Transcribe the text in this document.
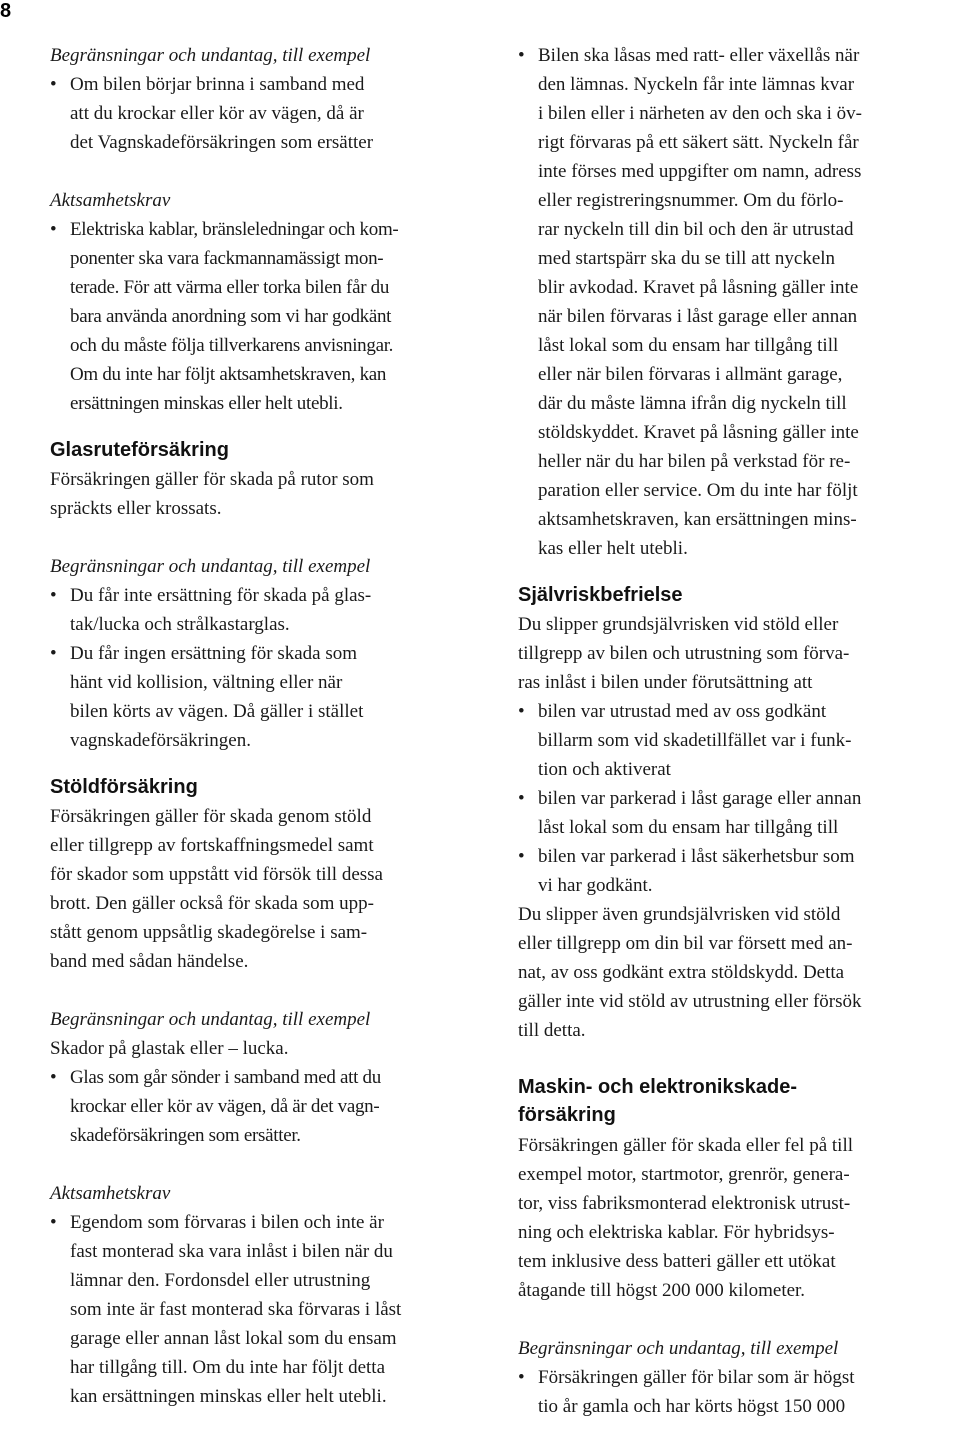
8

Begränsningar och undantag, till exempel

• Om bilen börjar brinna i samband med
att du krockar eller kör av vägen, då är
det Vagnskadeförsäkringen som ersätter

Aktsamhetskrav

• Elektriska kablar, bränsleledningar och kom-
ponenter ska vara fackmannamässigt mon-
terade. För att värma eller torka bilen får du
bara använda anordning som vi har godkänt
och du måste följa tillverkarens anvisningar.
Om du inte har följt aktsamhetskraven, kan
ersättningen minskas eller helt utebli.

Glasruteförsäkring

Försäkringen gäller för skada på rutor som
spräckts eller krossats.

Begränsningar och undantag, till exempel

• Du får inte ersättning för skada på glas-
tak/lucka och strålkastarglas.
• Du får ingen ersättning för skada som
hänt vid kollision, vältning eller när
bilen körts av vägen. Då gäller i stället
vagnskadeförsäkringen.

Stöldförsäkring

Försäkringen gäller för skada genom stöld
eller tillgrepp av fortskaffningsmedel samt
för skador som uppstått vid försök till dessa
brott. Den gäller också för skada som upp-
stått genom uppsåtlig skadegörelse i sam-
band med sådan händelse.

Begränsningar och undantag, till exempel

Skador på glastak eller – lucka.

• Glas som går sönder i samband med att du
krockar eller kör av vägen, då är det vagn-
skadeförsäkringen som ersätter.

Aktsamhetskrav

• Egendom som förvaras i bilen och inte är
fast monterad ska vara inlåst i bilen när du
lämnar den. Fordonsdel eller utrustning
som inte är fast monterad ska förvaras i låst
garage eller annan låst lokal som du ensam
har tillgång till. Om du inte har följt detta
kan ersättningen minskas eller helt utebli.
• Bilen ska låsas med ratt- eller växellås när
den lämnas. Nyckeln får inte lämnas kvar
i bilen eller i närheten av den och ska i öv-
rigt förvaras på ett säkert sätt. Nyckeln får
inte förses med uppgifter om namn, adress
eller registreringsnummer. Om du förlo-
rar nyckeln till din bil och den är utrustad
med startspärr ska du se till att nyckeln
blir avkodad. Kravet på låsning gäller inte
när bilen förvaras i låst garage eller annan
låst lokal som du ensam har tillgång till
eller när bilen förvaras i allmänt garage,
där du måste lämna ifrån dig nyckeln till
stöldskyddet. Kravet på låsning gäller inte
heller när du har bilen på verkstad för re-
paration eller service. Om du inte har följt
aktsamhetskraven, kan ersättningen mins-
kas eller helt utebli.

Självriskbefrielse

Du slipper grundsjälvrisken vid stöld eller
tillgrepp av bilen och utrustning som förva-
ras inlåst i bilen under förutsättning att

• bilen var utrustad med av oss godkänt
billarm som vid skadetillfället var i funk-
tion och aktiverat
• bilen var parkerad i låst garage eller annan
låst lokal som du ensam har tillgång till
• bilen var parkerad i låst säkerhetsbur som
vi har godkänt.

Du slipper även grundsjälvrisken vid stöld
eller tillgrepp om din bil var försett med an-
nat, av oss godkänt extra stöldskydd. Detta
gäller inte vid stöld av utrustning eller försök
till detta.

Maskin- och elektronikskade-
försäkring

Försäkringen gäller för skada eller fel på till
exempel motor, startmotor, grenrör, genera-
tor, viss fabriksmonterad elektronisk utrust-
ning och elektriska kablar. För hybridsys-
tem inklusive dess batteri gäller ett utökat
åtagande till högst 200 000 kilometer.

Begränsningar och undantag, till exempel

• Försäkringen gäller för bilar som är högst
tio år gamla och har körts högst 150 000
